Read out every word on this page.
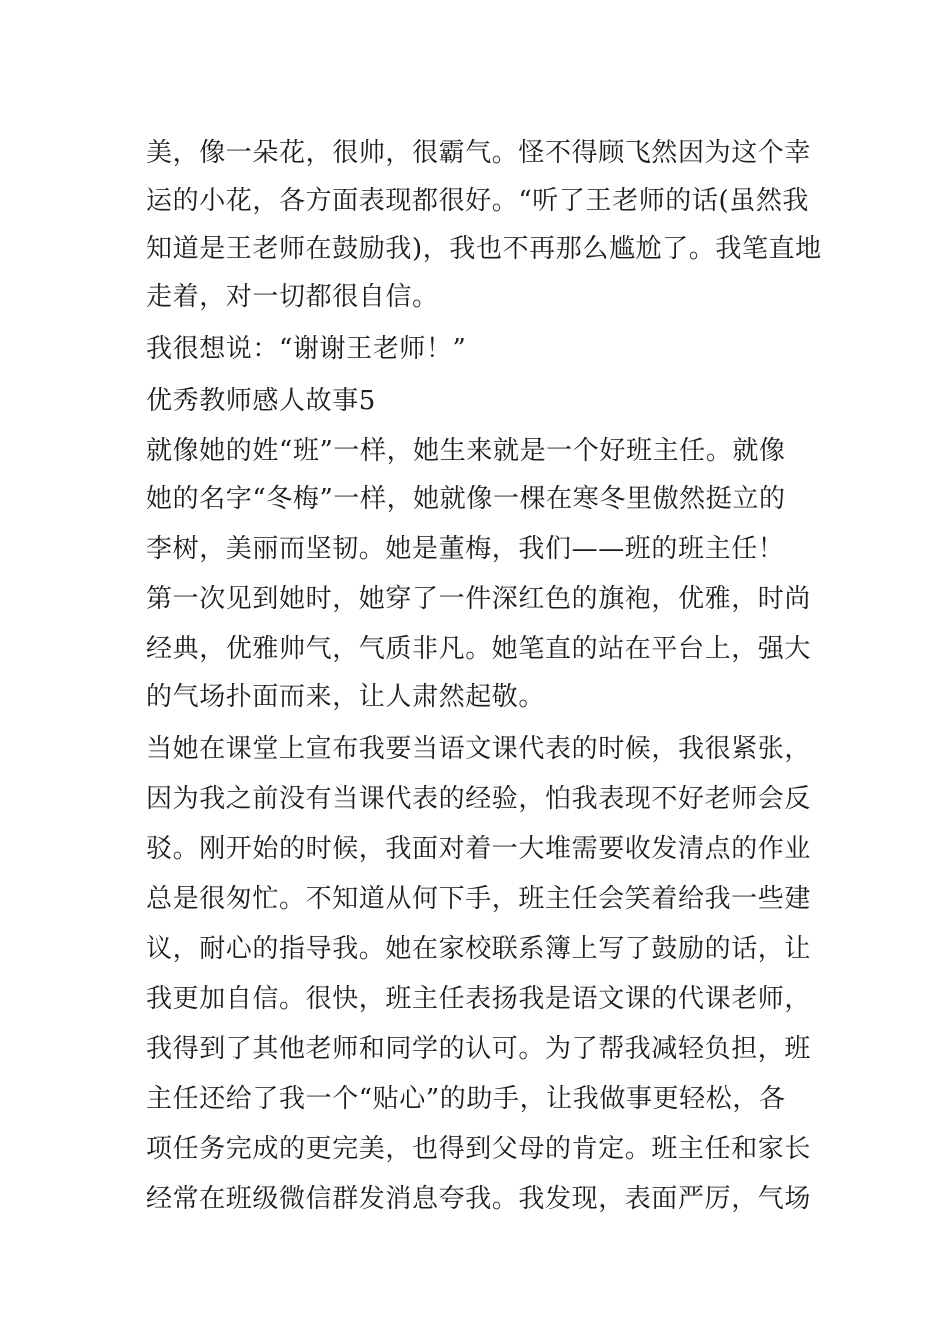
美，像一朵花，很帅，很霸气。怪不得顾飞然因为这个幸
运的小花，各方面表现都很好。“听了王老师的话(虽然我
知道是王老师在鼓励我)，我也不再那么尴尬了。我笔直地
走着，对一切都很自信。
我很想说：“谢谢王老师！”
优秀教师感人故事5
就像她的姓“班”一样，她生来就是一个好班主任。就像
她的名字“冬梅”一样，她就像一棵在寒冬里傲然挺立的
李树，美丽而坚韧。她是董梅，我们——班的班主任！
第一次见到她时，她穿了一件深红色的旗袍，优雅，时尚
经典，优雅帅气，气质非凡。她笔直的站在平台上，强大
的气场扑面而来，让人肃然起敬。
当她在课堂上宣布我要当语文课代表的时候，我很紧张，
因为我之前没有当课代表的经验，怕我表现不好老师会反
驳。刚开始的时候，我面对着一大堆需要收发清点的作业
总是很匆忙。不知道从何下手，班主任会笑着给我一些建
议，耐心的指导我。她在家校联系簿上写了鼓励的话，让
我更加自信。很快，班主任表扬我是语文课的代课老师，
我得到了其他老师和同学的认可。为了帮我减轻负担，班
主任还给了我一个“贴心”的助手，让我做事更轻松，各
项任务完成的更完美，也得到父母的肯定。班主任和家长
经常在班级微信群发消息夸我。我发现，表面严厉，气场
